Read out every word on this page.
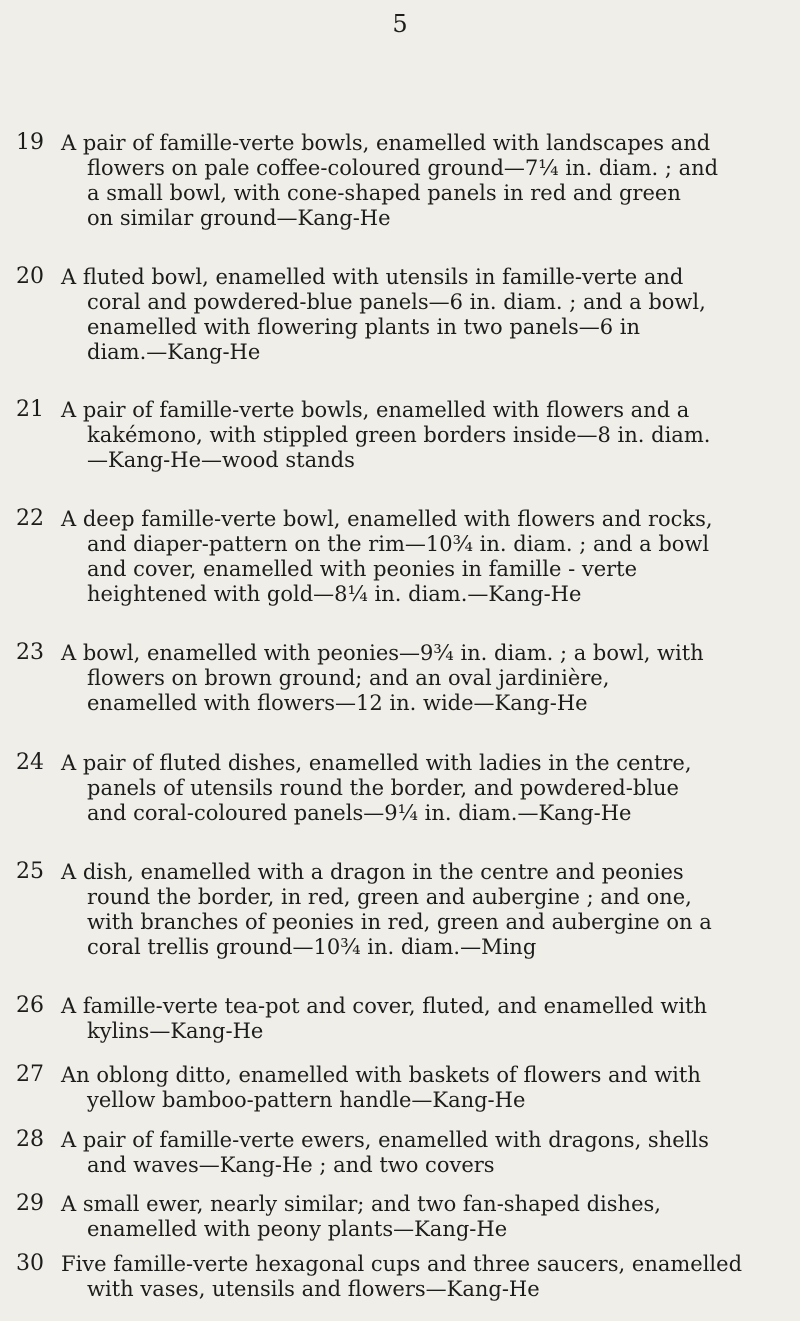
5
19 A pair of famille-verte bowls, enamelled with landscapes and
flowers on pale coffee-coloured ground—7¼ in. diam. ; and
a small bowl, with cone-shaped panels in red and green
on similar ground—Kang-He
20 A fluted bowl, enamelled with utensils in famille-verte and
coral and powdered-blue panels—6 in. diam. ; and a bowl,
enamelled with flowering plants in two panels—6 in
diam.—Kang-He
21 A pair of famille-verte bowls, enamelled with flowers and a
kakémono, with stippled green borders inside—8 in. diam.
—Kang-He—wood stands
22 A deep famille-verte bowl, enamelled with flowers and rocks,
and diaper-pattern on the rim—10¾ in. diam. ; and a bowl
and cover, enamelled with peonies in famille - verte
heightened with gold—8¼ in. diam.—Kang-He
23 A bowl, enamelled with peonies—9¾ in. diam. ; a bowl, with
flowers on brown ground; and an oval jardinière,
enamelled with flowers—12 in. wide—Kang-He
24 A pair of fluted dishes, enamelled with ladies in the centre,
panels of utensils round the border, and powdered-blue
and coral-coloured panels—9¼ in. diam.—Kang-He
25 A dish, enamelled with a dragon in the centre and peonies
round the border, in red, green and aubergine ; and one,
with branches of peonies in red, green and aubergine on a
coral trellis ground—10¾ in. diam.—Ming
26 A famille-verte tea-pot and cover, fluted, and enamelled with
kylins—Kang-He
27 An oblong ditto, enamelled with baskets of flowers and with
yellow bamboo-pattern handle—Kang-He
28 A pair of famille-verte ewers, enamelled with dragons, shells
and waves—Kang-He ; and two covers
29 A small ewer, nearly similar; and two fan-shaped dishes,
enamelled with peony plants—Kang-He
30 Five famille-verte hexagonal cups and three saucers, enamelled
with vases, utensils and flowers—Kang-He
